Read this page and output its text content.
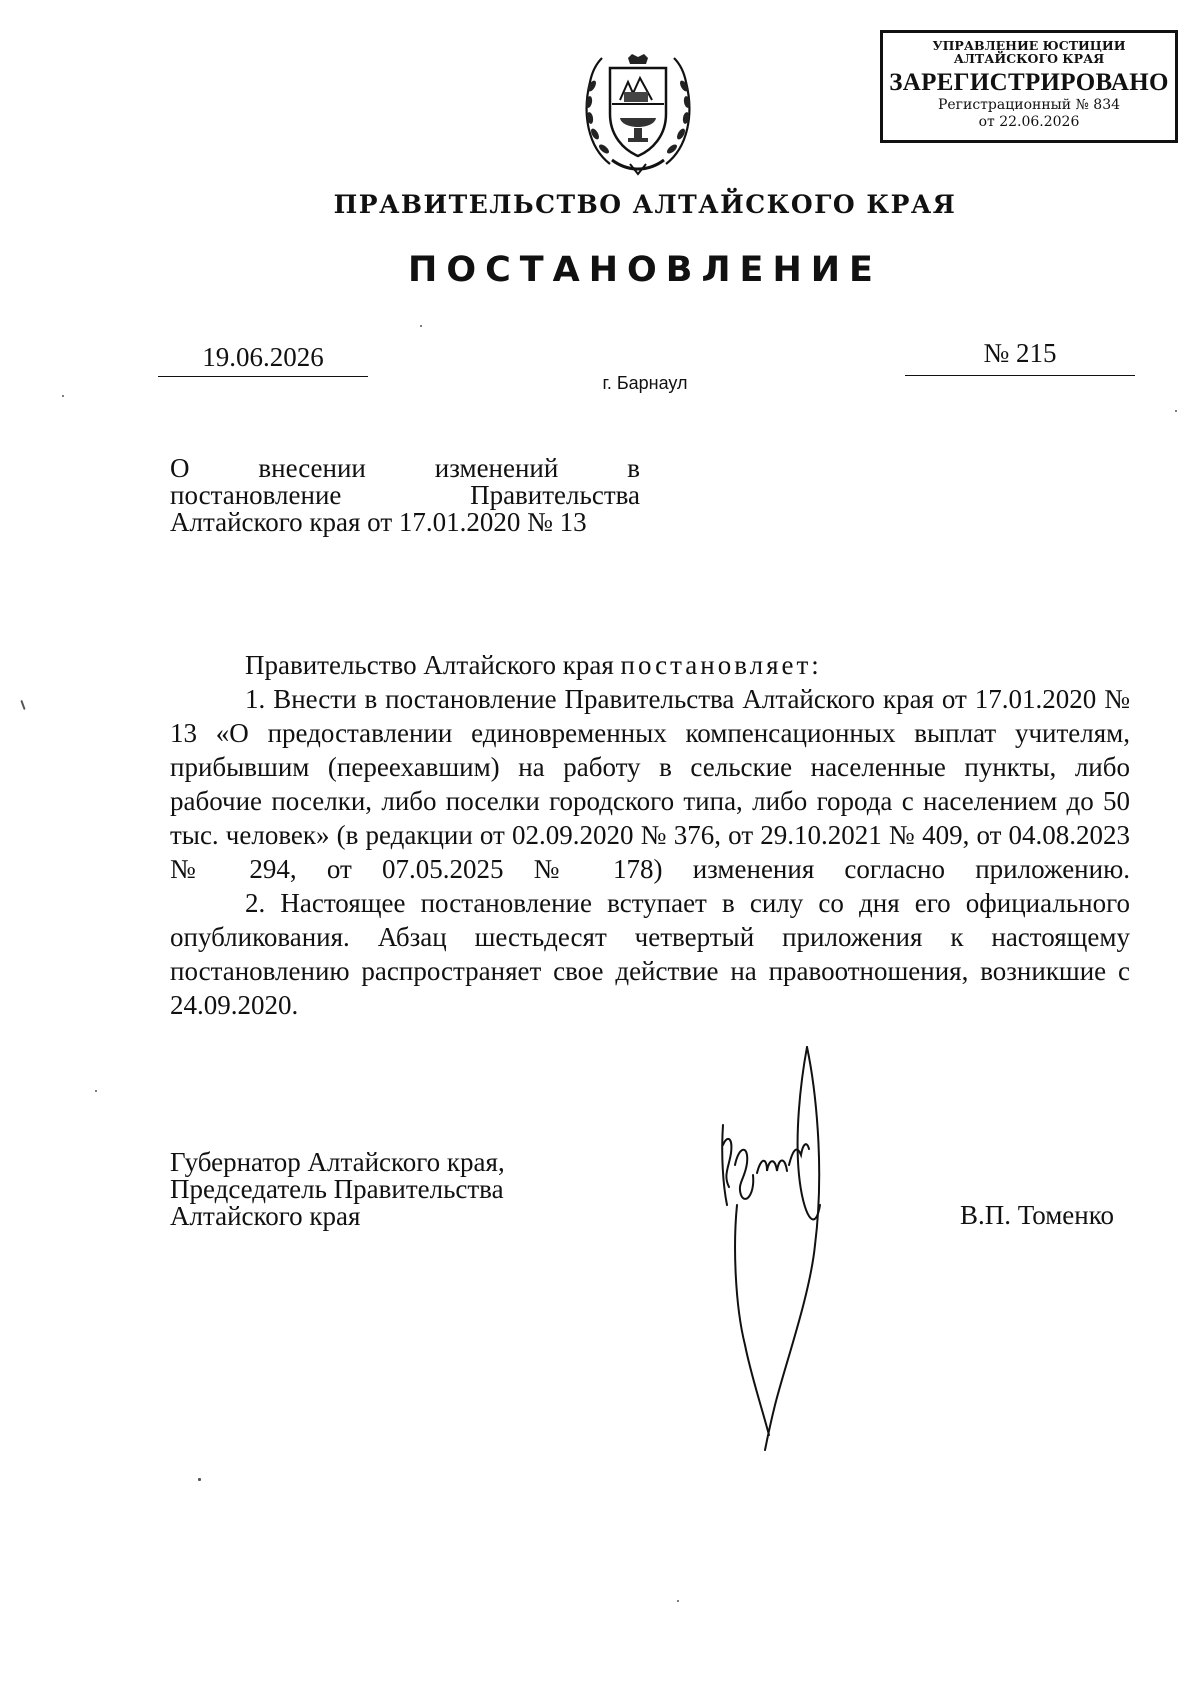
УПРАВЛЕНИЕ ЮСТИЦИИ
АЛТАЙСКОГО КРАЯ
ЗАРЕГИСТРИРОВАНО
Регистрационный № 834
от 22.06.2026
ПРАВИТЕЛЬСТВО АЛТАЙСКОГО КРАЯ
ПОСТАНОВЛЕНИЕ
19.06.2026	№ 215
г. Барнаул
О	внесении	изменений	в
постановление	Правительства
Алтайского края от 17.01.2020 № 13

Правительство Алтайского края постановляет:

1. Внести в постановление Правительства Алтайского края от 17.01.2020 № 13 «О предоставлении единовременных компенсационных выплат учителям, прибывшим (переехавшим) на работу в сельские населенные пункты, либо рабочие поселки, либо поселки городского типа, либо города с населением до 50 тыс. человек» (в редакции от 02.09.2020 № 376, от 29.10.2021 № 409, от 04.08.2023 № 294, от 07.05.2025 № 178) изменения согласно приложению.

2. Настоящее постановление вступает в силу со дня его официального опубликования. Абзац шестьдесят четвертый приложения к настоящему постановлению распространяет свое действие на правоотношения, возникшие с 24.09.2020.

Губернатор Алтайского края,
Председатель Правительства
Алтайского края	В.П. Томенко
